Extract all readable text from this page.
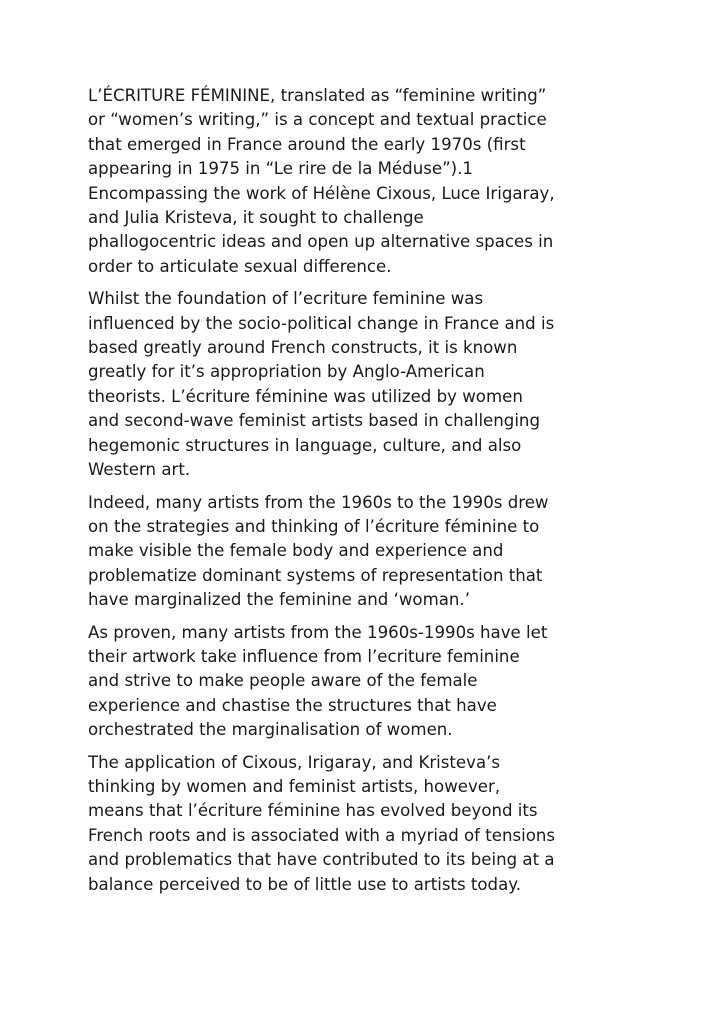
L’ÉCRITURE FÉMININE, translated as “feminine writing”
or “women’s writing,” is a concept and textual practice
that emerged in France around the early 1970s (first
appearing in 1975 in “Le rire de la Méduse”).1
Encompassing the work of Hélène Cixous, Luce Irigaray,
and Julia Kristeva, it sought to challenge
phallogocentric ideas and open up alternative spaces in
order to articulate sexual difference.

Whilst the foundation of l’ecriture feminine was
influenced by the socio-political change in France and is
based greatly around French constructs, it is known
greatly for it’s appropriation by Anglo-American
theorists. L’écriture féminine was utilized by women
and second-wave feminist artists based in challenging
hegemonic structures in language, culture, and also
Western art.

Indeed, many artists from the 1960s to the 1990s drew
on the strategies and thinking of l’écriture féminine to
make visible the female body and experience and
problematize dominant systems of representation that
have marginalized the feminine and ‘woman.’

As proven, many artists from the 1960s-1990s have let
their artwork take influence from l’ecriture feminine
and strive to make people aware of the female
experience and chastise the structures that have
orchestrated the marginalisation of women.

The application of Cixous, Irigaray, and Kristeva’s
thinking by women and feminist artists, however,
means that l’écriture féminine has evolved beyond its
French roots and is associated with a myriad of tensions
and problematics that have contributed to its being at a
balance perceived to be of little use to artists today.
